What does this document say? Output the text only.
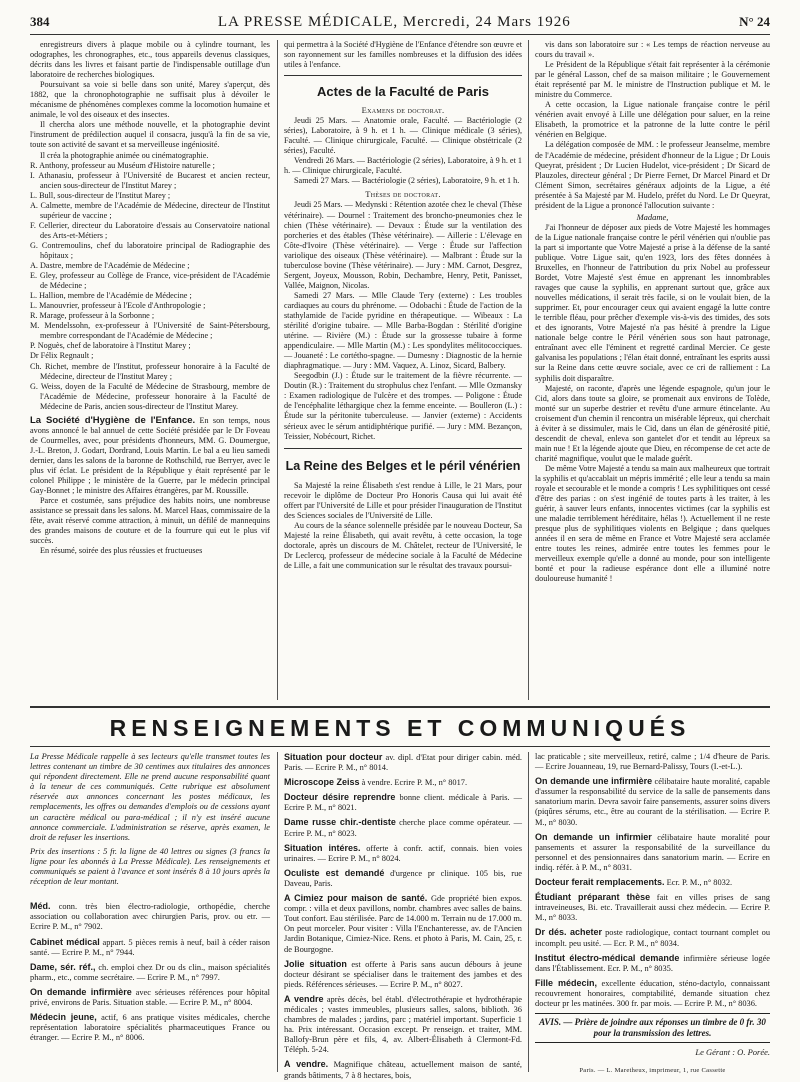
384	LA PRESSE MÉDICALE, Mercredi, 24 Mars 1926	N° 24
enregistreurs divers à plaque mobile ou à cylindre tournant, les odographes, les chronographes, etc., tous appareils devenus classiques, décrits dans les livres et faisant partie de l'indispensable outillage d'un laboratoire de recherches biologiques.
Poursuivant sa voie si belle dans son unité, Marey s'aperçut, dès 1882, que la chronophotographie ne suffisait plus à dévoiler le mécanisme de phénomènes complexes comme la locomotion humaine et animale, le vol des oiseaux et des insectes.
Il chercha alors une méthode nouvelle, et la photographie devint l'instrument de prédilection auquel il consacra, jusqu'à la fin de sa vie, toute son activité de savant et sa merveilleuse ingéniosité.
Il créa la photographie animée ou cinématographie.
R. Anthony, professeur au Muséum d'Histoire naturelle ;
I. Athanasiu, professeur à l'Université de Bucarest et ancien recteur, ancien sous-directeur de l'Institut Marey ;
L. Bull, sous-directeur de l'Institut Marey ;
A. Calmette, membre de l'Académie de Médecine, directeur de l'Institut supérieur de vaccine ;
F. Cellerier, directeur du Laboratoire d'essais au Conservatoire national des Arts-et-Métiers ;
G. Contremoulins, chef du laboratoire principal de Radiographie des hôpitaux ;
A. Dastre, membre de l'Académie de Médecine ;
E. Gley, professeur au Collège de France, vice-président de l'Académie de Médecine ;
L. Hallion, membre de l'Académie de Médecine ;
L. Manouvrier, professeur à l'Ecole d'Anthropologie ;
R. Marage, professeur à la Sorbonne ;
M. Mendelssohn, ex-professeur à l'Université de Saint-Pétersbourg, membre correspondant de l'Académie de Médecine ;
P. Noguès, chef de laboratoire à l'Institut Marey ;
Dr Félix Regnault ;
Ch. Richet, membre de l'Institut, professeur honoraire à la Faculté de Médecine, directeur de l'Institut Marey ;
G. Weiss, doyen de la Faculté de Médecine de Strasbourg, membre de l'Académie de Médecine, professeur honoraire à la Faculté de Médecine de Paris, ancien sous-directeur de l'Institut Marey.
La Société d'Hygiène de l'Enfance. En son temps, nous avons annoncé le bal annuel de cette Société présidée par le Dr Foveau de Courmelles, avec, pour présidents d'honneurs, MM. G. Doumergue, J.-L. Breton, J. Godart, Dordrand, Louis Martin. Le bal a eu lieu samedi dernier, dans les salons de la baronne de Rothschild, rue Berryer, avec le plus vif éclat. Le président de la République y était représenté par le colonel Philippe ; le ministère de la Guerre, par le médecin principal Gay-Bonnet ; le ministre des Affaires étrangères, par M. Roussille.
Parce et costumée, sans préjudice des habits noirs, une nombreuse assistance se pressait dans les salons. M. Marcel Haas, commissaire de la fête, avait réservé comme attraction, à minuit, un défilé de mannequins des grandes maisons de couture et de la fourrure qui eut le plus vif succès.
En résumé, soirée des plus réussies et fructueuses
qui permettra à la Société d'Hygiène de l'Enfance d'étendre son œuvre et son rayonnement sur les familles nombreuses et la diffusion des idées utiles à l'enfance.
Actes de la Faculté de Paris
Examens de doctorat.
Jeudi 25 Mars. — Anatomie orale, Faculté. — Bactériologie (2 séries), Laboratoire, à 9 h. et 1 h. — Clinique médicale (3 séries), Faculté. — Clinique chirurgicale, Faculté. — Clinique obstétricale (2 séries), Faculté.
Vendredi 26 Mars. — Bactériologie (2 séries), Laboratoire, à 9 h. et 1 h. — Clinique chirurgicale, Faculté.
Samedi 27 Mars. — Bactériologie (2 séries), Laboratoire, 9 h. et 1 h.
Thèses de doctorat.
Jeudi 25 Mars. — Medynski : Rétention azotée chez le cheval (Thèse vétérinaire). — Dournel : Traitement des broncho-pneumonies chez le chien (Thèse vétérinaire). — Devaux : Étude sur la ventilation des porcheries et des étables (Thèse vétérinaire). — Aillerie : L'élevage en Côte-d'Ivoire (Thèse vétérinaire). — Verge : Étude sur l'affection variolique des oiseaux (Thèse vétérinaire). — Malbrant : Étude sur la tuberculose bovine (Thèse vétérinaire). — Jury : MM. Carnot, Desgrez, Sergent, Joyeux, Mousson, Robin, Dechambre, Henry, Petit, Panisset, Vallée, Maignon, Nicolas.
Samedi 27 Mars. — Mlle Claude Tery (externe) : Les troubles cardiaques au cours du phrénome. — Odobachi : Étude de l'action de la stathylamide de l'acide pyridine en thérapeutique. — Wibeaux : La stérilité d'origine tubaire. — Mlle Barba-Bogdan : Stérilité d'origine utérine. — Rivière (M.) : Étude sur la grossesse tubaire à forme appendiculaire. — Mlle Martin (M.) : Les spondylites mélitococciques. — Jouaneté : Le cortétho-spagne. — Dumesny : Diagnostic de la hernie diaphragmatique. — Jury : MM. Vaquez, A. Linoz, Sicard, Balbery.
Seegodbin (J.) : Étude sur le traitement de la fièvre récurrente. — Doutin (R.) : Traitement du strophulus chez l'enfant. — Mlle Ozmansky : Examen radiologique de l'ulcère et des trompes. — Poligone : Étude de l'encéphalite léthargique chez la femme enceinte. — Boulleron (L.) : Étude sur la péritonite tuberculeuse. — Janvier (externe) : Accidents sérieux avec le sérum antidiphtérique purifié. — Jury : MM. Bezançon, Teissier, Nobécourt, Richet.
La Reine des Belges et le péril vénérien
Sa Majesté la reine Élisabeth s'est rendue à Lille, le 21 Mars, pour recevoir le diplôme de Docteur Pro Honoris Causa qui lui avait été offert par l'Université de Lille et pour présider l'inauguration de l'Institut des Sciences sociales de l'Université de Lille.
Au cours de la séance solennelle présidée par le nouveau Docteur, Sa Majesté la reine Élisabeth, qui avait revêtu, à cette occasion, la toge doctorale, après un discours de M. Châtelet, recteur de l'Université, le Dr Leclercq, professeur de médecine sociale à la Faculté de Médecine de Lille, a fait une communication sur le résultat des travaux poursui-
vis dans son laboratoire sur : « Les temps de réaction nerveuse au cours du travail ».
Le Président de la République s'était fait représenter à la cérémonie par le général Lasson, chef de sa maison militaire ; le Gouvernement était représenté par M. le ministre de l'Instruction publique et M. le ministre du Commerce.
A cette occasion, la Ligue nationale française contre le péril vénérien avait envoyé à Lille une délégation pour saluer, en la reine Elisabeth, la promotrice et la patronne de la lutte contre le péril vénérien en Belgique.
La délégation composée de MM. : le professeur Jeanselme, membre de l'Académie de médecine, président d'honneur de la Ligue ; Dr Louis Queyrat, président ; Dr Lucien Hudelot, vice-président ; Dr Sicard de Plauzoles, directeur général ; Dr Pierre Fernet, Dr Marcel Pinard et Dr Clément Simon, secrétaires généraux adjoints de la Ligue, a été présentée à Sa Majesté par M. Hudelo, préfet du Nord. Le Dr Queyrat, président de la Ligue a prononcé l'allocution suivante :
Madame,
J'ai l'honneur de déposer aux pieds de Votre Majesté les hommages de la Ligue nationale française contre le péril vénérien qui n'oublie pas la part si importante que Votre Majesté a prise à la défense de la santé publique. Votre Ligue sait, qu'en 1923, lors des fêtes données à Bruxelles, en l'honneur de l'attribution du prix Nobel au professeur Bordet, Votre Majesté s'est émue en apprenant les innombrables ravages que cause la syphilis, en apprenant surtout que, grâce aux nouvelles médications, il serait très facile, si on le voulait bien, de la supprimer. Et, pour encourager ceux qui avaient engagé la lutte contre le terrible fléau, pour prêcher d'exemple vis-à-vis des timides, des sots et des ignorants, Votre Majesté n'a pas hésité à prendre la Ligue nationale belge contre le Péril vénérien sous son haut patronage, entraînant avec elle l'éminent et regretté cardinal Mercier. Ce geste galvanisa les populations ; l'élan était donné, entraînant les esprits aussi sur la Reine dans cette œuvre sociale, avec ce cri de ralliement : La syphilis doit disparaître.
Majesté, on raconte, d'après une légende espagnole, qu'un jour le Cid, alors dans toute sa gloire, se promenait aux environs de Tolède, monté sur un superbe destrier et revêtu d'une armure étincelante. Au croisement d'un chemin il rencontra un misérable lépreux, qui cherchait à éviter à se dissimuler, mais le Cid, dans un élan de générosité pitié, descendit de cheval, enleva son gantelet d'or et tendit au lépreux sa main nue ! Et la légende ajoute que Dieu, en récompense de cet acte de charité magnifique, voulut que le malade guérît.
De même Votre Majesté a tendu sa main aux malheureux que tortrait la syphilis et qu'accablait un mépris immérité ; elle leur a tendu sa main royale et secourable et le monde a compris ! Les syphilitiques ont cessé d'être des parias : on s'est ingénié de toutes parts à les traiter, à les guérir, à sauver leurs enfants, innocentes victimes (car la syphilis est une maladie terriblement héréditaire, hélas !). Actuellement il ne reste presque plus de syphilitiques violents en Belgique ; dans quelques années il en sera de même en France et Votre Majesté sera acclamée entre toutes les reines, admirée entre toutes les femmes pour le merveilleux exemple qu'elle a donné au monde, pour son intelligente bonté et pour la radieuse espérance dont elle a illuminé notre douloureuse humanité !
RENSEIGNEMENTS ET COMMUNIQUÉS
La Presse Médicale rappelle à ses lecteurs qu'elle transmet toutes les lettres contenant un timbre de 30 centimes aux titulaires des annonces qui répondent directement. Elle ne prend aucune responsabilité quant à la teneur de ces communiqués. Cette rubrique est absolument réservée aux annonces concernant les postes médicaux, les remplacements, les offres ou demandes d'emplois ou de cessions ayant un caractère médical ou para-médical ; il n'y est inséré aucune annonce commerciale. L'administration se réserve, après examen, le droit de refuser les insertions.
Prix des insertions : 5 fr. la ligne de 40 lettres ou signes (3 francs la ligne pour les abonnés à La Presse Médicale). Les renseignements et communiqués se paient à l'avance et sont insérés 8 à 10 jours après la réception de leur montant.
Méd. conn. très bien électro-radiologie, orthopédie, cherche association ou collaboration avec chirurgien Paris, prov. ou etr. — Ecrire P. M., n° 7902.
Cabinet médical appart. 5 pièces remis à neuf, bail à céder raison santé. — Ecrire P. M., n° 7944.
Dame, sér. réf., ch. emploi chez Dr ou ds clin., maison spécialités pharm., etc., comme secrétaire. — Ecrire P. M., n° 7997.
On demande infirmière avec sérieuses références pour hôpital privé, environs de Paris. Situation stable. — Ecrire P. M., n° 8004.
Médecin jeune, actif, 6 ans pratique visites médicales, cherche représentation laboratoire spécialités pharmaceutiques France ou étranger. — Ecrire P. M., n° 8006.
Situation pour docteur av. dipl. d'Etat pour diriger cabin. méd. Paris. — Ecrire P. M., n° 8014.
Microscope Zeiss à vendre. Ecrire P. M., n° 8017.
Docteur désire reprendre bonne client. médicale à Paris. — Ecrire P. M., n° 8021.
Dame russe chir.-dentiste cherche place comme opérateur. — Ecrire P. M., n° 8023.
Situation intéres. offerte à confr. actif, connais. bien voies urinaires. — Ecrire P. M., n° 8024.
Oculiste est demandé d'urgence pr clinique. 105 bis, rue Daveau, Paris.
A Cimiez pour maison de santé. Gde propriété bien expos. compr. : villa et deux pavillons, nombr. chambres avec salles de bains. Tout confort. Eau stérilisée. Parc de 14.000 m. Terrain nu de 17.000 m. On peut morceler. Pour visiter : Villa l'Enchanteresse, av. de l'Ancien Jardin Botanique, Cimiez-Nice. Rens. et photo à Paris, M. Cain, 25, r. de Bourgogne.
Jolie situation est offerte à Paris sans aucun débours à jeune docteur désirant se spécialiser dans le traitement des jambes et des pieds. Références sérieuses. — Ecrire P. M., n° 8027.
A vendre après décès, bel établ. d'électrothérapie et hydrothérapie médicales ; vastes immeubles, plusieurs salles, salons, biblioth. 36 chambres de malades ; jardins, parc ; matériel important. Superficie 1 ha. Prix intéressant. Occasion except. Pr renseign. et traiter, MM. Ballofy-Brun père et fils, 4, av. Albert-Élisabeth à Clermont-Fd. Téléph. 5-24.
A vendre. Magnifique château, actuellement maison de santé, grands bâtiments, 7 à 8 hectares, bois,
lac praticable ; site merveilleux, retiré, calme ; 1/4 d'heure de Paris. — Ecrire Jouanneau, 19, rue Bernard-Palissy, Tours (I.-et-L.).
On demande une infirmière célibataire haute moralité, capable d'assumer la responsabilité du service de la salle de pansements dans sanatorium marin. Devra savoir faire pansements, assurer soins divers (piqûres sérums, etc., être au courant de la stérilisation. — Ecrire P. M., n° 8030.
On demande un infirmier célibataire haute moralité pour pansements et assurer la responsabilité de la surveillance du personnel et des pensionnaires dans sanatorium marin. — Ecrire en indiq. référ. à P. M., n° 8031.
Docteur ferait remplacements. Ecr. P. M., n° 8032.
Étudiant préparant thèse fait en villes prises de sang intraveineuses, Bi. etc. Travaillerait aussi chez médecin. — Ecrire P. M., n° 8033.
Dr dés. acheter poste radiologique, contact tournant complet ou incomplt. peu usité. — Ecr. P. M., n° 8034.
Institut électro-médical demande infirmière sérieuse logée dans l'Établissement. Ecr. P. M., n° 8035.
Fille médecin, excellente éducation, sténo-dactylo, connaissant recouvrement honoraires, comptabilité, demande situation chez docteur pr les matinées. 300 fr. par mois. — Ecrire P. M., n° 8036.
AVIS. — Prière de joindre aux réponses un timbre de 0 fr. 30 pour la transmission des lettres.
Le Gérant : O. Porée.
Paris. — L. Maretheux, imprimeur, 1, rue Cassette
